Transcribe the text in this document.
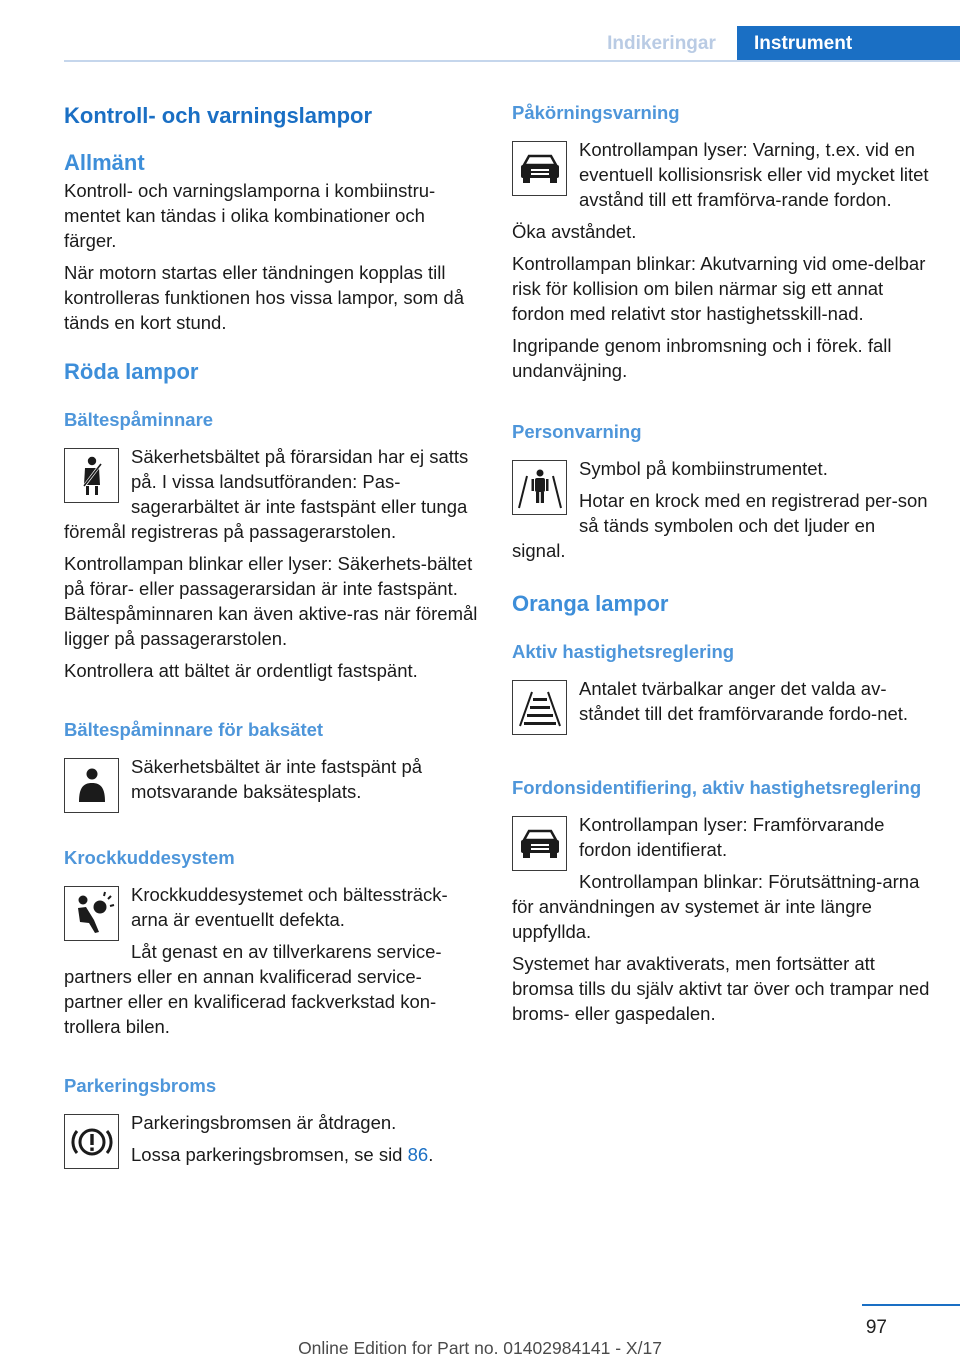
Indikeringar	Instrument
Kontroll- och varningslampor
Allmänt

Kontroll- och varningslamporna i kombiinstru-mentet kan tändas i olika kombinationer och färger.

När motorn startas eller tändningen kopplas till kontrolleras funktionen hos vissa lampor, som då tänds en kort stund.

Röda lampor
Bältespåminnare

Säkerhetsbältet på förarsidan har ej satts på. I vissa landsutföranden: Pas-sagerarbältet är inte fastspänt eller tunga föremål registreras på passagerarstolen.

Kontrollampan blinkar eller lyser: Säkerhets-bältet på förar- eller passagerarsidan är inte fastspänt. Bältespåminnaren kan även aktive-ras när föremål ligger på passagerarstolen.

Kontrollera att bältet är ordentligt fastspänt.

Bältespåminnare för baksätet

Säkerhetsbältet är inte fastspänt på motsvarande baksätesplats.

Krockkuddesystem

Krockkuddesystemet och bältessträck-arna är eventuellt defekta.

Låt genast en av tillverkarens service-partners eller en annan kvalificerad service-partner eller en kvalificerad fackverkstad kon-trollera bilen.

Parkeringsbroms

Parkeringsbromsen är åtdragen.

Lossa parkeringsbromsen, se sid 86.

Påkörningsvarning

Kontrollampan lyser: Varning, t.ex. vid en eventuell kollisionsrisk eller vid mycket litet avstånd till ett framförva-rande fordon.

Öka avståndet.

Kontrollampan blinkar: Akutvarning vid ome-delbar risk för kollision om bilen närmar sig ett annat fordon med relativt stor hastighetsskill-nad.

Ingripande genom inbromsning och i förek. fall undanväjning.

Personvarning

Symbol på kombiinstrumentet.

Hotar en krock med en registrerad per-son så tänds symbolen och det ljuder en signal.

Oranga lampor
Aktiv hastighetsreglering

Antalet tvärbalkar anger det valda av-ståndet till det framförvarande fordo-net.

Fordonsidentifiering, aktiv hastighetsreglering

Kontrollampan lyser: Framförvarande fordon identifierat.

Kontrollampan blinkar: Förutsättning-arna för användningen av systemet är inte längre uppfyllda.

Systemet har avaktiverats, men fortsätter att bromsa tills du själv aktivt tar över och trampar ned broms- eller gaspedalen.

97
Online Edition for Part no. 01402984141 - X/17
